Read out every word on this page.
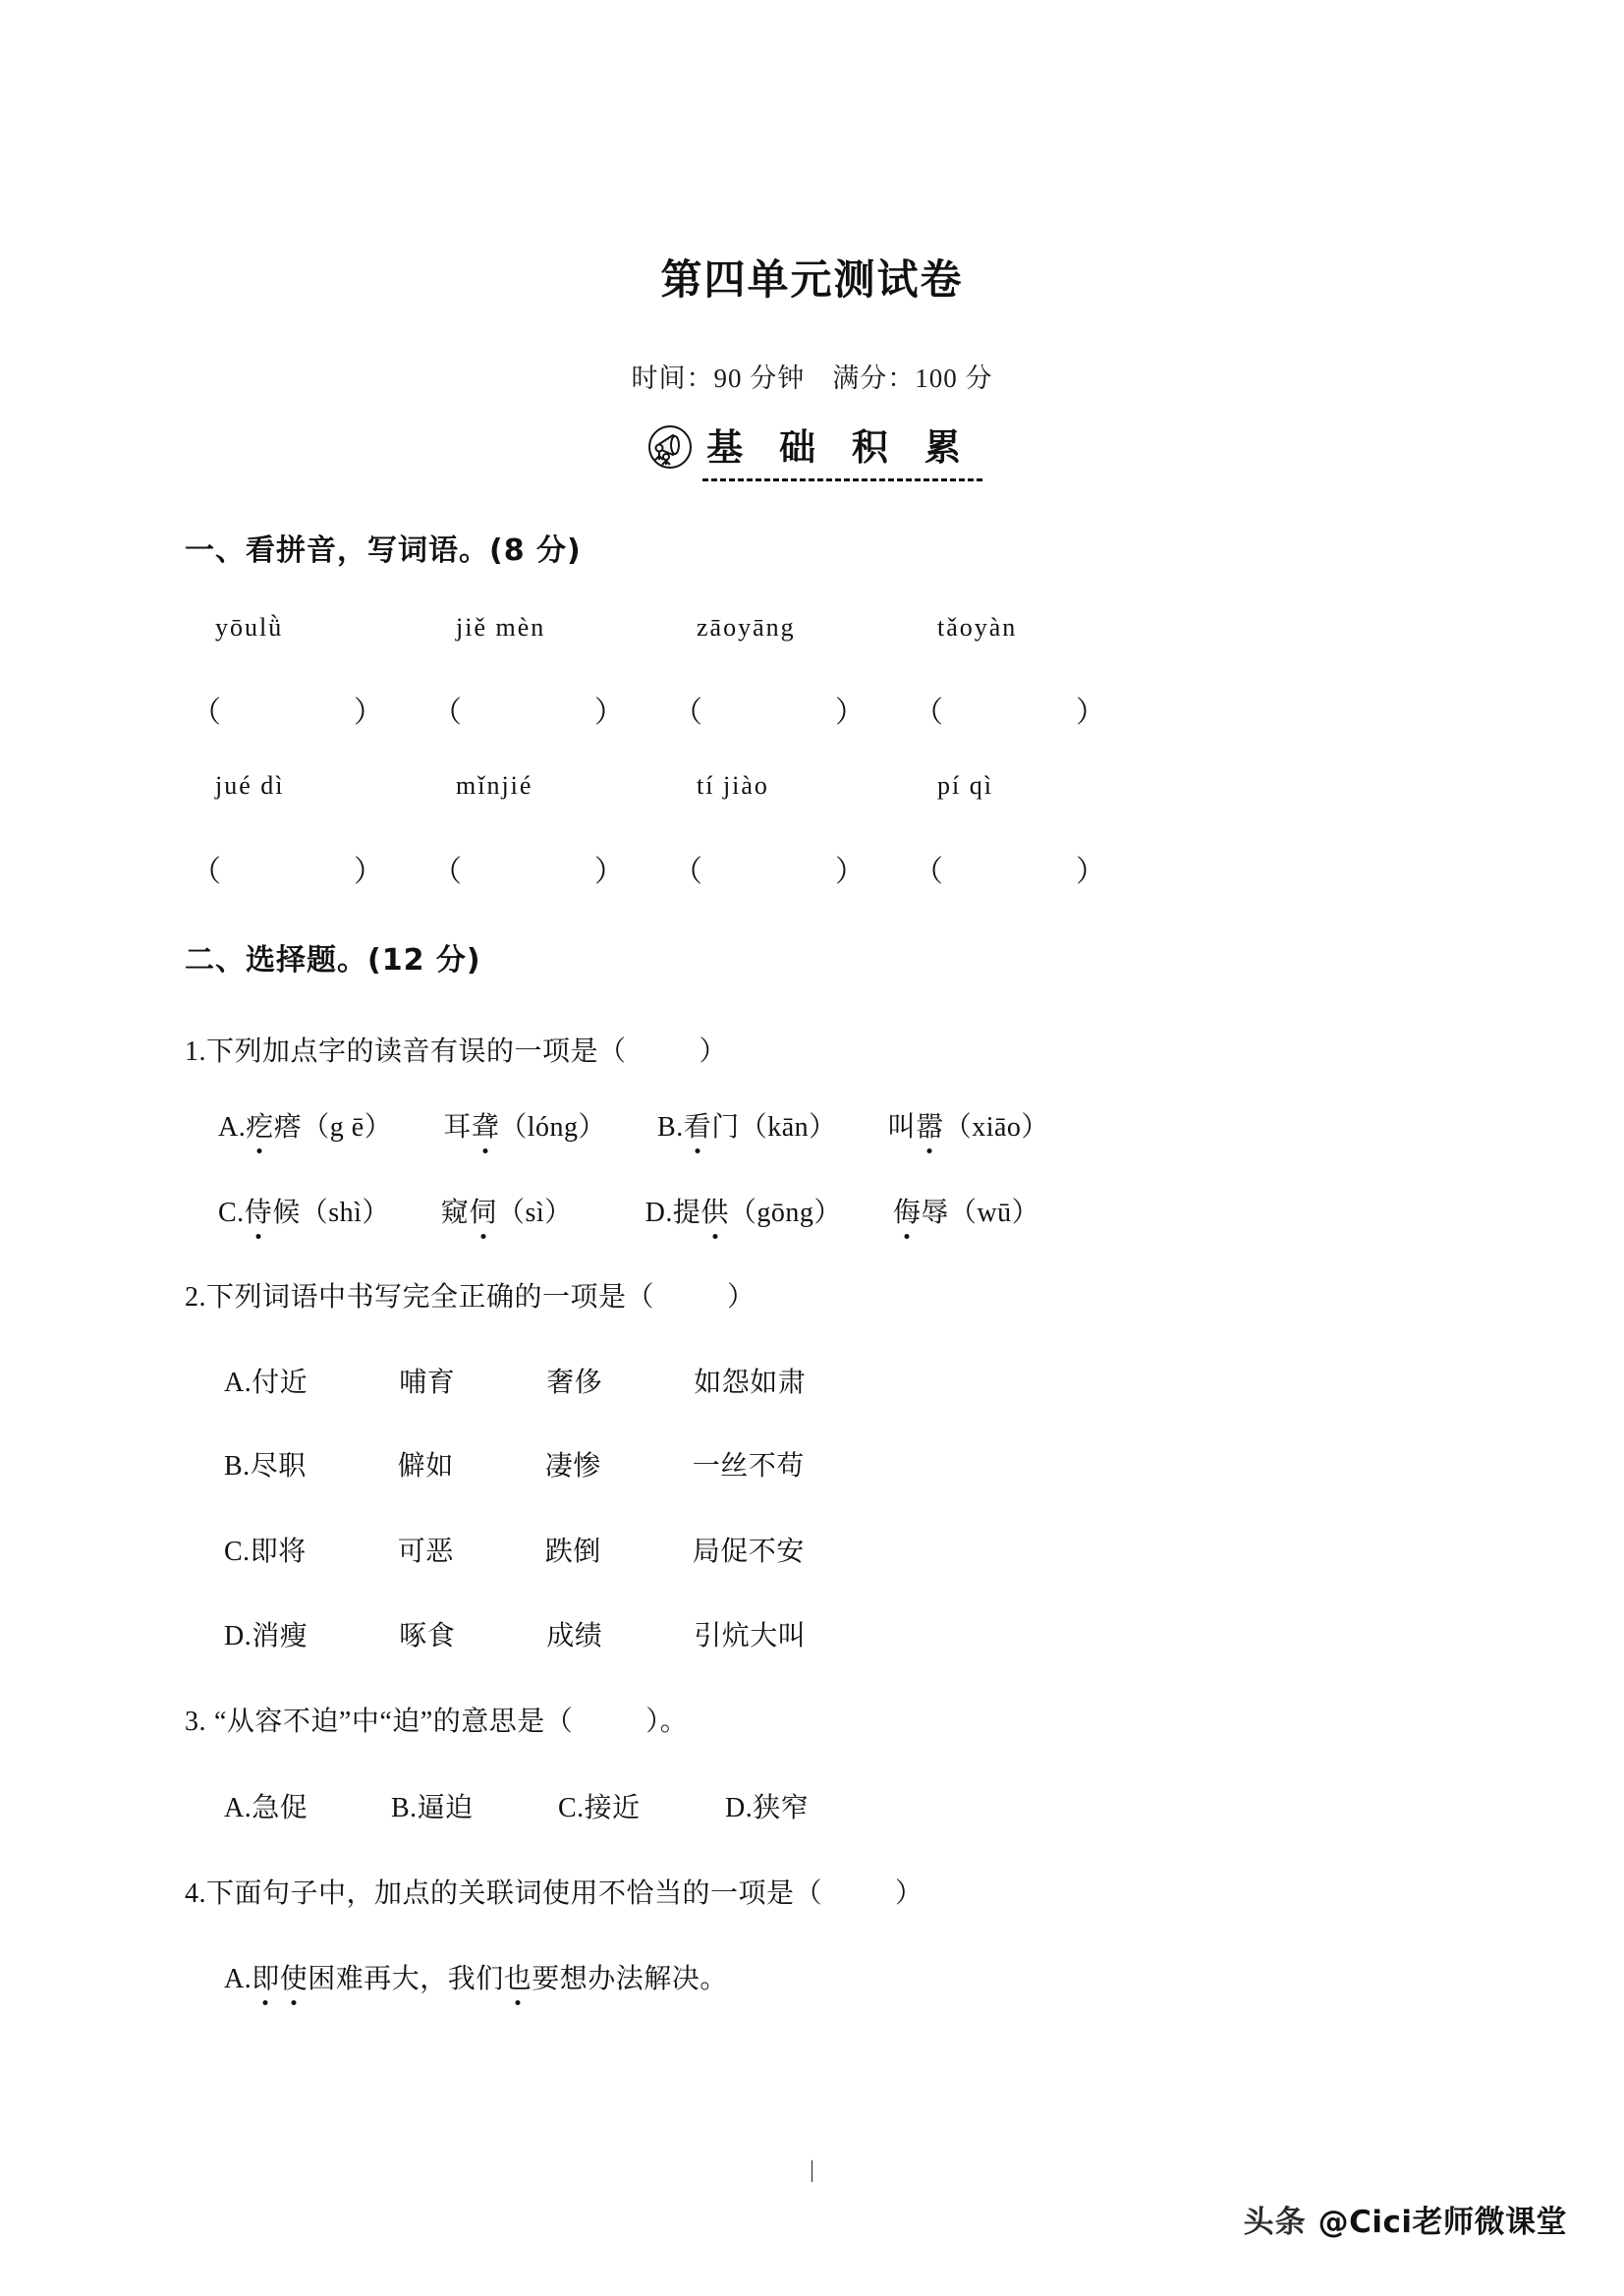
第四单元测试卷
时间：90 分钟　满分：100 分
基 础 积 累
一、看拼音，写词语。(8 分)
yōulǜ	jiě mèn	zāoyāng	tǎoyàn
（	）	（	）	（	）	（	）
jué dì	mǐnjié	tí jiào	pí qì
（	）	（	）	（	）	（	）
二、选择题。(12 分)
1.下列加点字的读音有误的一项是（	）
A.疙瘩（g ē） 耳聋（lóng） B.看门（kān） 叫嚣（xiāo）
C.侍候（shì） 窥伺（sì）	D.提供（gōng） 侮辱（wū）
2.下列词语中书写完全正确的一项是（	）
A.付近	哺育	奢侈	如怨如肃
B.尽职	僻如	凄惨	一丝不苟
C.即将	可恶	跌倒	局促不安
D.消瘦	啄食	成绩	引炕大叫
3. “从容不迫”中“迫”的意思是（	）。
A.急促	B.逼迫	C.接近	D.狭窄
4.下面句子中，加点的关联词使用不恰当的一项是（	）
A.即使困难再大，我们也要想办法解决。
|
头条 @Cici老师微课堂
